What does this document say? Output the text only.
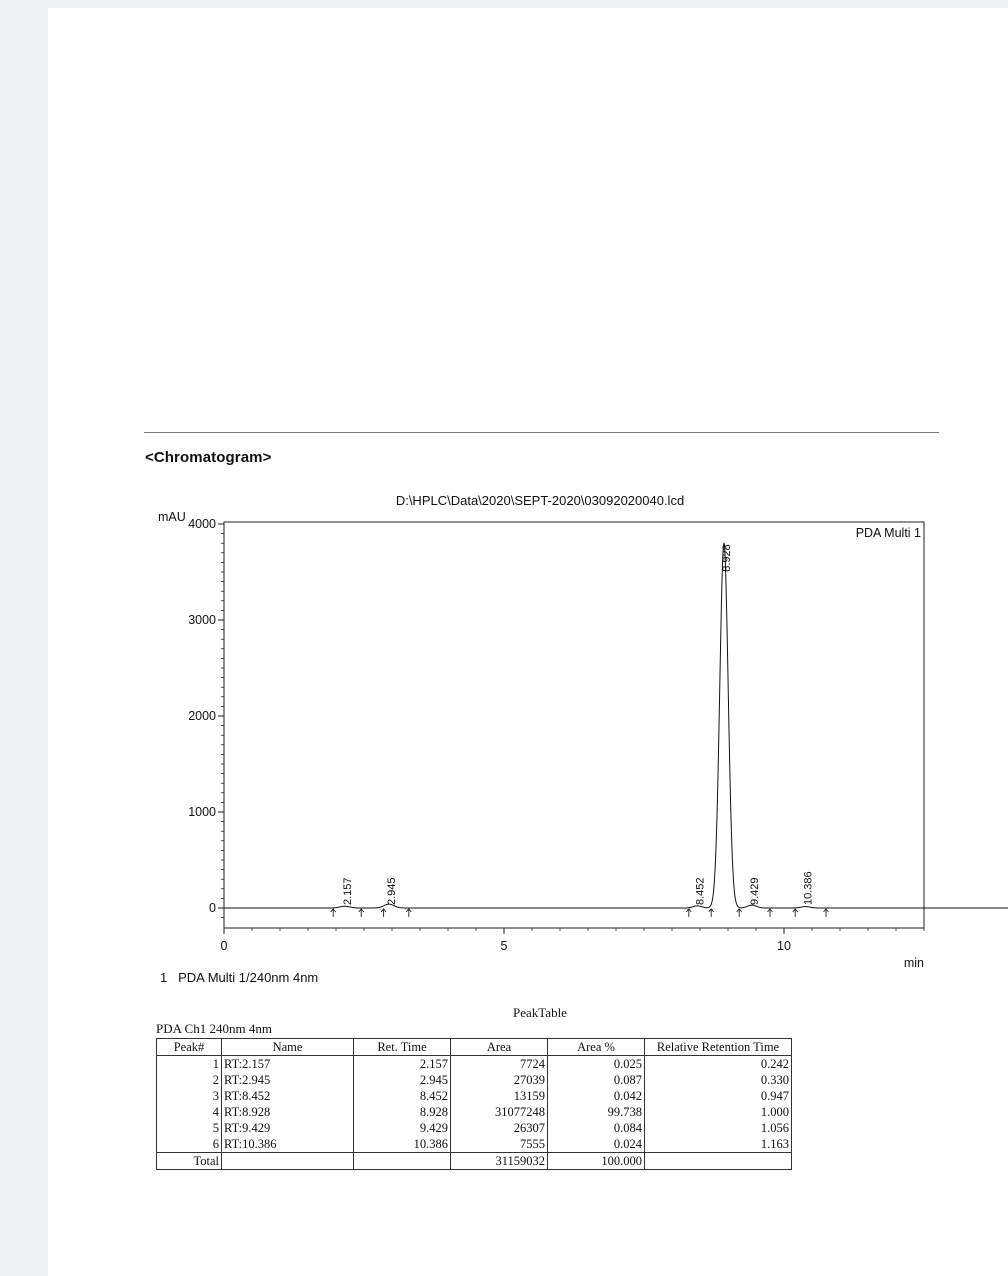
<Chromatogram>
D:\HPLC\Data\2020\SEPT-2020\03092020040.lcd
mAU
min
PDA Multi 1
0
1000
2000
3000
4000
0	5	10
2.157	2.945	8.452
8.928
9.429	10.386
1 PDA Multi 1/240nm 4nm
PeakTable
PDA Ch1 240nm 4nm
Peak#	Name	Ret. Time	Area	Area %	Relative Retention Time
1	RT:2.157	2.157	7724	0.025	0.242
2	RT:2.945	2.945	27039	0.087	0.330
3	RT:8.452	8.452	13159	0.042	0.947
4	RT:8.928	8.928	31077248	99.738	1.000
5	RT:9.429	9.429	26307	0.084	1.056
6	RT:10.386	10.386	7555	0.024	1.163
Total			31159032	100.000	
